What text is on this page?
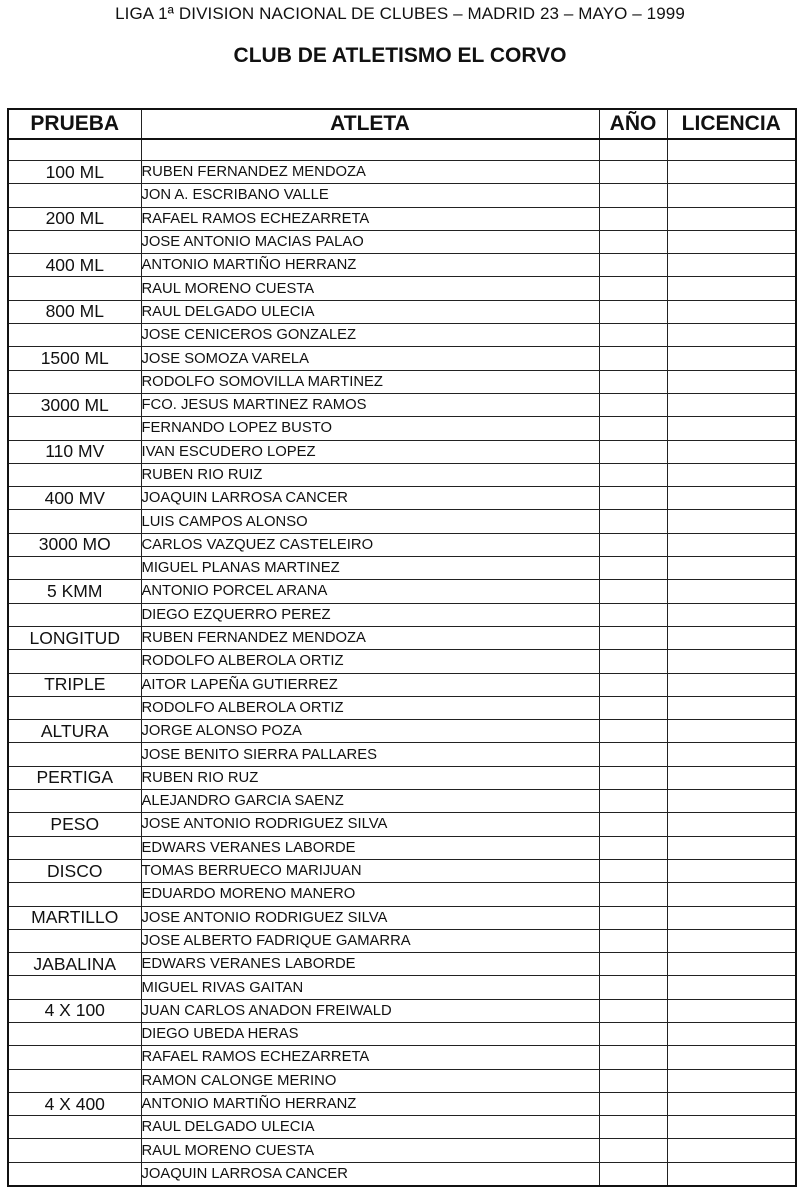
LIGA 1ª DIVISION NACIONAL DE CLUBES – MADRID 23 – MAYO – 1999
CLUB DE ATLETISMO EL CORVO
PRUEBA	ATLETA	AÑO	LICENCIA

100 ML	RUBEN FERNANDEZ MENDOZA		
	JON A. ESCRIBANO VALLE		
200 ML	RAFAEL RAMOS ECHEZARRETA		
	JOSE ANTONIO MACIAS PALAO		
400 ML	ANTONIO MARTIÑO HERRANZ		
	RAUL MORENO CUESTA		
800 ML	RAUL DELGADO ULECIA		
	JOSE CENICEROS GONZALEZ		
1500 ML	JOSE SOMOZA VARELA		
	RODOLFO SOMOVILLA MARTINEZ		
3000 ML	FCO. JESUS MARTINEZ RAMOS		
	FERNANDO LOPEZ BUSTO		
110 MV	IVAN ESCUDERO LOPEZ		
	RUBEN RIO RUIZ		
400 MV	JOAQUIN LARROSA CANCER		
	LUIS CAMPOS ALONSO		
3000 MO	CARLOS VAZQUEZ CASTELEIRO		
	MIGUEL PLANAS MARTINEZ		
5 KMM	ANTONIO PORCEL ARANA		
	DIEGO EZQUERRO PEREZ		
LONGITUD	RUBEN FERNANDEZ MENDOZA		
	RODOLFO ALBEROLA ORTIZ		
TRIPLE	AITOR LAPEÑA GUTIERREZ		
	RODOLFO ALBEROLA ORTIZ		
ALTURA	JORGE ALONSO POZA		
	JOSE BENITO SIERRA PALLARES		
PERTIGA	RUBEN RIO RUZ		
	ALEJANDRO GARCIA SAENZ		
PESO	JOSE ANTONIO RODRIGUEZ SILVA		
	EDWARS VERANES LABORDE		
DISCO	TOMAS BERRUECO MARIJUAN		
	EDUARDO MORENO MANERO		
MARTILLO	JOSE ANTONIO RODRIGUEZ SILVA		
	JOSE ALBERTO FADRIQUE GAMARRA		
JABALINA	EDWARS VERANES LABORDE		
	MIGUEL RIVAS GAITAN		
4 X 100	JUAN CARLOS ANADON FREIWALD		
	DIEGO UBEDA HERAS		
	RAFAEL RAMOS ECHEZARRETA		
	RAMON CALONGE MERINO		
4 X 400	ANTONIO MARTIÑO HERRANZ		
	RAUL DELGADO ULECIA		
	RAUL MORENO CUESTA		
	JOAQUIN LARROSA CANCER		
